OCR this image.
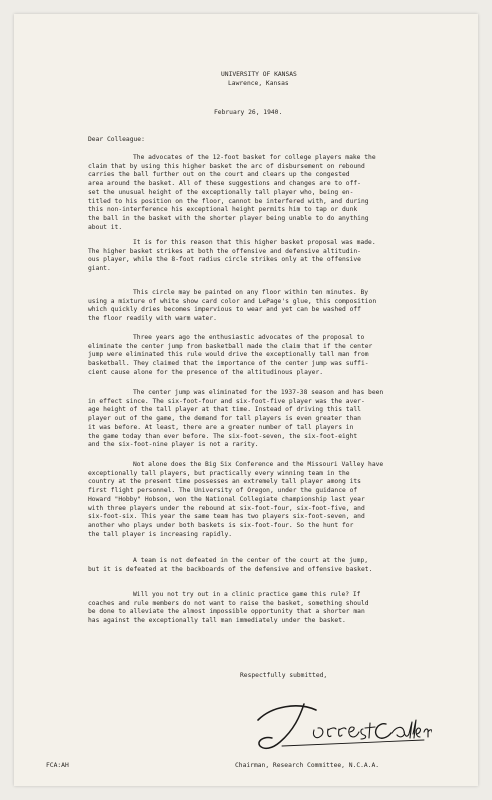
UNIVERSITY OF KANSAS
Lawrence, Kansas
February 26, 1940.
Dear Colleague:
The advocates of the 12-foot basket for college players make the
claim that by using this higher basket the arc of disbursement on rebound
carries the ball further out on the court and clears up the congested
area around the basket. All of these suggestions and changes are to off-
set the unusual height of the exceptionally tall player who, being en-
titled to his position on the floor, cannot be interfered with, and during
this non-interference his exceptional height permits him to tap or dunk
the ball in the basket with the shorter player being unable to do anything
about it.
It is for this reason that this higher basket proposal was made.
The higher basket strikes at both the offensive and defensive altitudin-
ous player, while the 8-foot radius circle strikes only at the offensive
giant.
This circle may be painted on any floor within ten minutes. By
using a mixture of white show card color and LePage's glue, this composition
which quickly dries becomes impervious to wear and yet can be washed off
the floor readily with warm water.
Three years ago the enthusiastic advocates of the proposal to
eliminate the center jump from basketball made the claim that if the center
jump were eliminated this rule would drive the exceptionally tall man from
basketball. They claimed that the importance of the center jump was suffi-
cient cause alone for the presence of the altitudinous player.
The center jump was eliminated for the 1937-38 season and has been
in effect since. The six-foot-four and six-foot-five player was the aver-
age height of the tall player at that time. Instead of driving this tall
player out of the game, the demand for tall players is even greater than
it was before. At least, there are a greater number of tall players in
the game today than ever before. The six-foot-seven, the six-foot-eight
and the six-foot-nine player is not a rarity.
Not alone does the Big Six Conference and the Missouri Valley have
exceptionally tall players, but practically every winning team in the
country at the present time possesses an extremely tall player among its
first flight personnel. The University of Oregon, under the guidance of
Howard "Hobby" Hobson, won the National Collegiate championship last year
with three players under the rebound at six-foot-four, six-foot-five, and
six-foot-six. This year the same team has two players six-foot-seven, and
another who plays under both baskets is six-foot-four. So the hunt for
the tall player is increasing rapidly.
A team is not defeated in the center of the court at the jump,
but it is defeated at the backboards of the defensive and offensive basket.
Will you not try out in a clinic practice game this rule? If
coaches and rule members do not want to raise the basket, something should
be done to alleviate the almost impossible opportunity that a shorter man
has against the exceptionally tall man immediately under the basket.
Respectfully submitted,
FCA:AH	Chairman, Research Committee, N.C.A.A.
